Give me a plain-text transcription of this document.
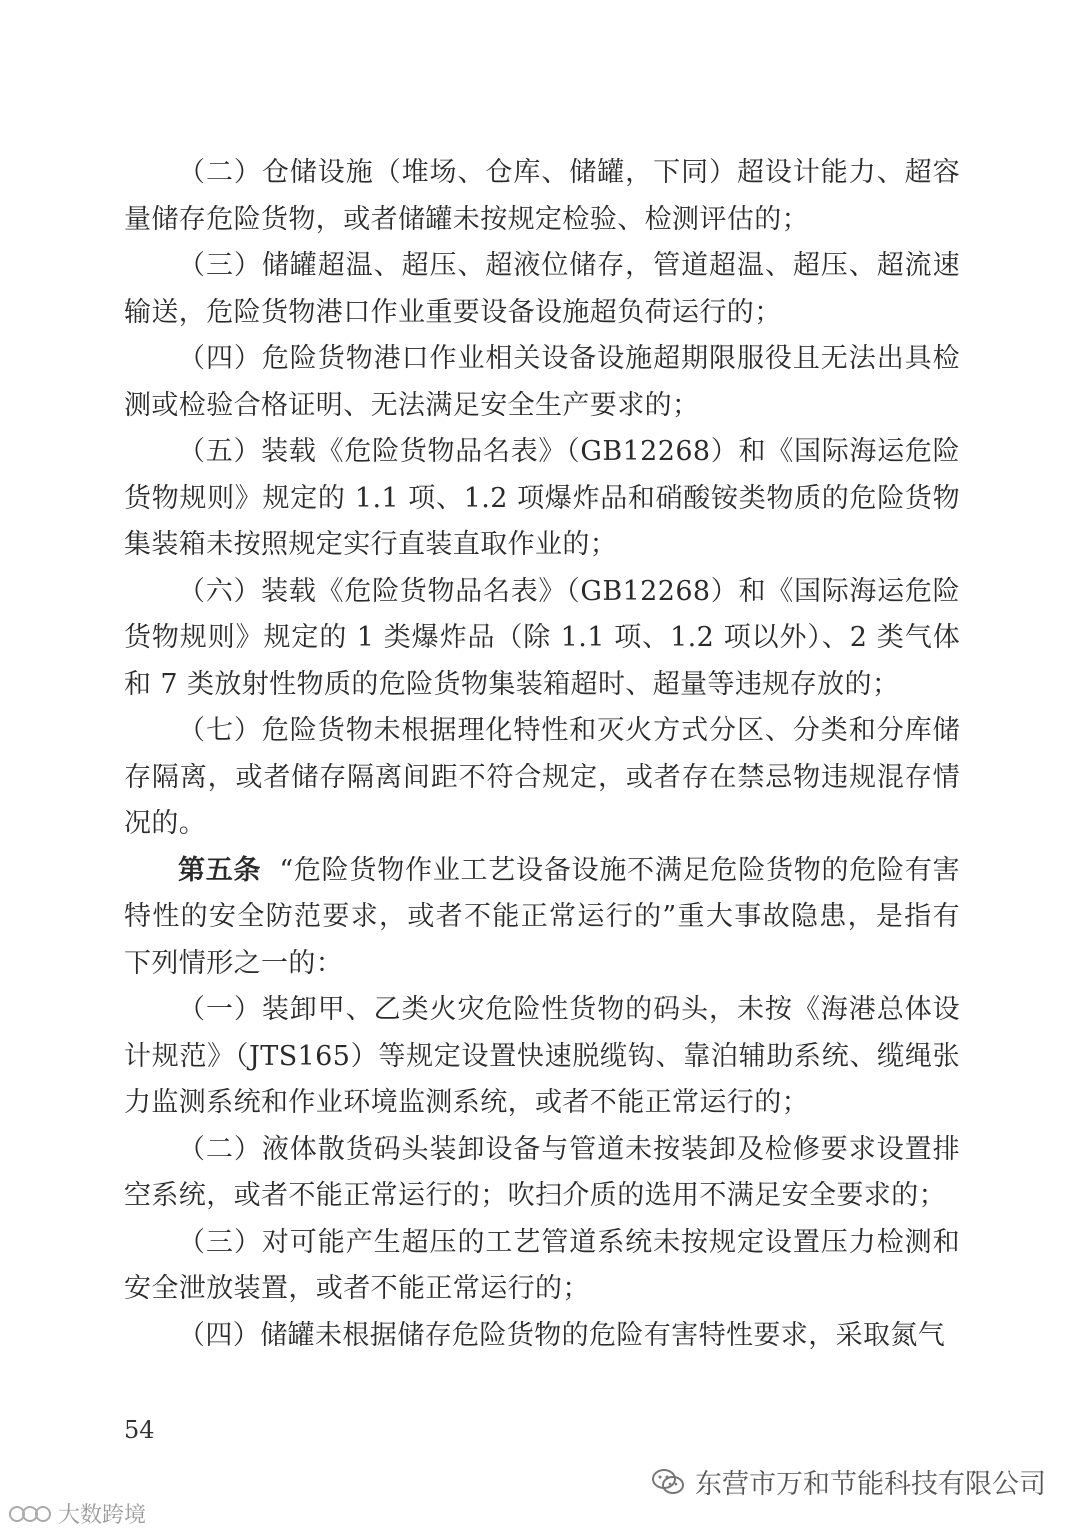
（二）仓储设施（堆场、仓库、储罐，下同）超设计能力、超容量储存危险货物，或者储罐未按规定检验、检测评估的；

（三）储罐超温、超压、超液位储存，管道超温、超压、超流速输送，危险货物港口作业重要设备设施超负荷运行的；

（四）危险货物港口作业相关设备设施超期限服役且无法出具检测或检验合格证明、无法满足安全生产要求的；

（五）装载《危险货物品名表》（GB12268）和《国际海运危险货物规则》规定的 1.1 项、1.2 项爆炸品和硝酸铵类物质的危险货物集装箱未按照规定实行直装直取作业的；

（六）装载《危险货物品名表》（GB12268）和《国际海运危险货物规则》规定的 1 类爆炸品（除 1.1 项、1.2 项以外）、2 类气体和 7 类放射性物质的危险货物集装箱超时、超量等违规存放的；

（七）危险货物未根据理化特性和灭火方式分区、分类和分库储存隔离，或者储存隔离间距不符合规定，或者存在禁忌物违规混存情况的。

第五条 “危险货物作业工艺设备设施不满足危险货物的危险有害特性的安全防范要求，或者不能正常运行的”重大事故隐患，是指有下列情形之一的：

（一）装卸甲、乙类火灾危险性货物的码头，未按《海港总体设计规范》（JTS165）等规定设置快速脱缆钩、靠泊辅助系统、缆绳张力监测系统和作业环境监测系统，或者不能正常运行的；

（二）液体散货码头装卸设备与管道未按装卸及检修要求设置排空系统，或者不能正常运行的；吹扫介质的选用不满足安全要求的；

（三）对可能产生超压的工艺管道系统未按规定设置压力检测和安全泄放装置，或者不能正常运行的；

（四）储罐未根据储存危险货物的危险有害特性要求，采取氮气

54
东营市万和节能科技有限公司
大数跨境
